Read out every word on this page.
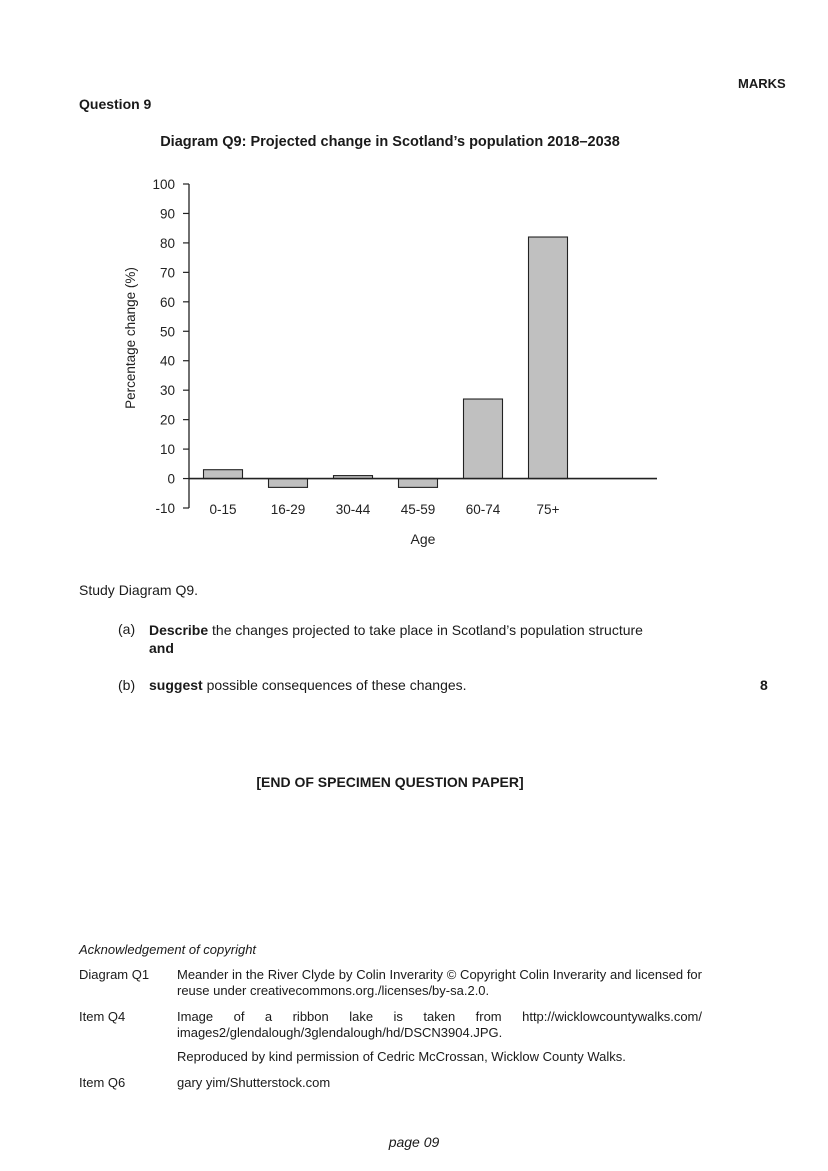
MARKS
Question 9
Diagram Q9: Projected change in Scotland’s population 2018–2038
-10
0
10
20
30
40
50
60
70
80
90
100
Percentage change (%)
0-15	16-29 30-44 45-59 60-74	75+
Age
Study Diagram Q9.
(a) Describe the changes projected to take place in Scotland’s population structure
and
(b) suggest possible consequences of these changes.	8
[END OF SPECIMEN QUESTION PAPER]
Acknowledgement of copyright
Diagram Q1 Meander in the River Clyde by Colin Inverarity © Copyright Colin Inverarity and licensed for reuse under creativecommons.org./licenses/by-sa.2.0.
Item Q4	Image of a ribbon lake is taken from http://wicklowcountywalks.com/ images2/glendalough/3glendalough/hd/DSCN3904.JPG.
Reproduced by kind permission of Cedric McCrossan, Wicklow County Walks.
Item Q6	gary yim/Shutterstock.com
page 09
